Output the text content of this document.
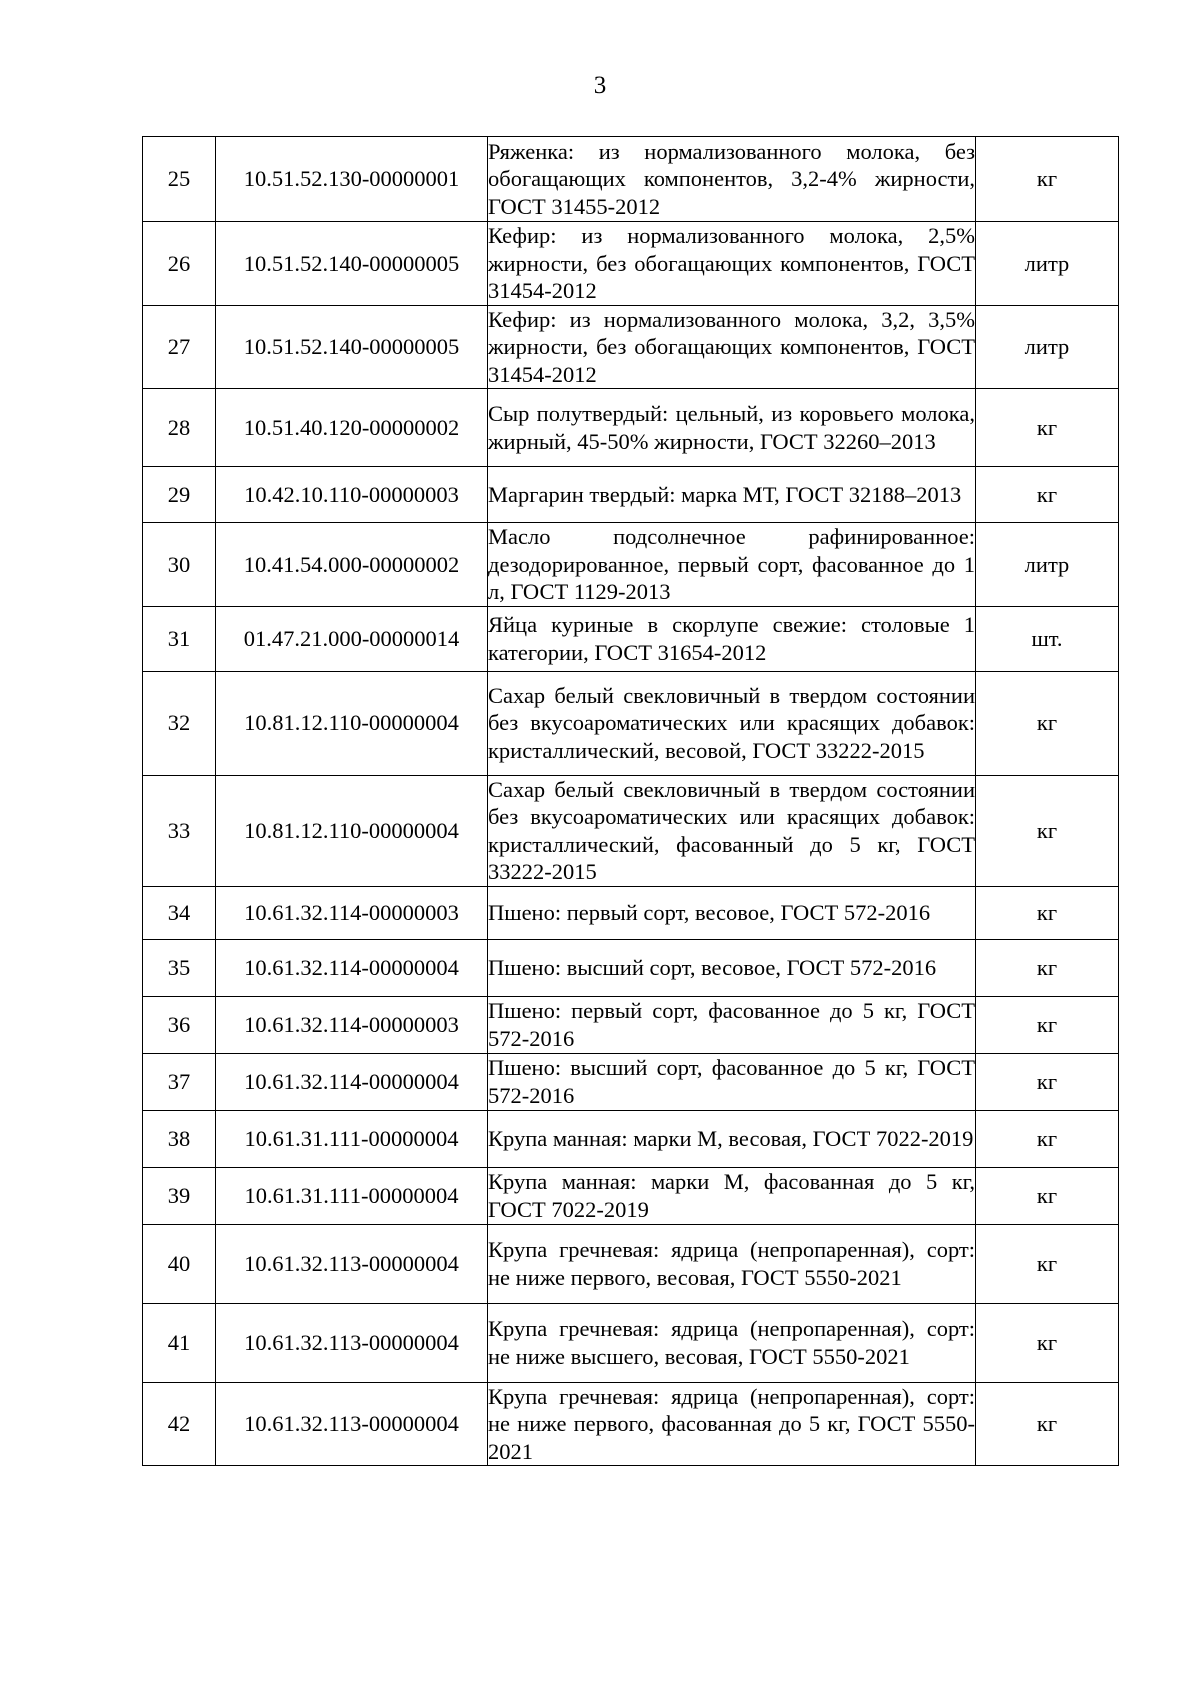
3
25	10.51.52.130-00000001	Ряженка: из нормализованного молока, без обогащающих компонентов, 3,2-4% жирности, ГОСТ 31455-2012	кг
26	10.51.52.140-00000005	Кефир: из нормализованного молока, 2,5% жирности, без обогащающих компонентов, ГОСТ 31454-2012	литр
27	10.51.52.140-00000005	Кефир: из нормализованного молока, 3,2, 3,5% жирности, без обогащающих компонентов, ГОСТ 31454-2012	литр
28	10.51.40.120-00000002	Сыр полутвердый: цельный, из коровьего молока, жирный, 45-50% жирности, ГОСТ 32260–2013	кг
29	10.42.10.110-00000003	Маргарин твердый: марка МТ, ГОСТ 32188–2013	кг
30	10.41.54.000-00000002	Масло подсолнечное рафинированное: дезодорированное, первый сорт, фасованное до 1 л, ГОСТ 1129-2013	литр
31	01.47.21.000-00000014	Яйца куриные в скорлупе свежие: столовые 1 категории, ГОСТ 31654-2012	шт.
32	10.81.12.110-00000004	Сахар белый свекловичный в твердом состоянии без вкусоароматических или красящих добавок: кристаллический, весовой, ГОСТ 33222-2015	кг
33	10.81.12.110-00000004	Сахар белый свекловичный в твердом состоянии без вкусоароматических или красящих добавок: кристаллический, фасованный до 5 кг, ГОСТ 33222-2015	кг
34	10.61.32.114-00000003	Пшено: первый сорт, весовое, ГОСТ 572-2016	кг
35	10.61.32.114-00000004	Пшено: высший сорт, весовое, ГОСТ 572-2016	кг
36	10.61.32.114-00000003	Пшено: первый сорт, фасованное до 5 кг, ГОСТ 572-2016	кг
37	10.61.32.114-00000004	Пшено: высший сорт, фасованное до 5 кг, ГОСТ 572-2016	кг
38	10.61.31.111-00000004	Крупа манная: марки М, весовая, ГОСТ 7022-2019	кг
39	10.61.31.111-00000004	Крупа манная: марки М, фасованная до 5 кг, ГОСТ 7022-2019	кг
40	10.61.32.113-00000004	Крупа гречневая: ядрица (непропаренная), сорт: не ниже первого, весовая, ГОСТ 5550-2021	кг
41	10.61.32.113-00000004	Крупа гречневая: ядрица (непропаренная), сорт: не ниже высшего, весовая, ГОСТ 5550-2021	кг
42	10.61.32.113-00000004	Крупа гречневая: ядрица (непропаренная), сорт: не ниже первого, фасованная до 5 кг, ГОСТ 5550-2021	кг
